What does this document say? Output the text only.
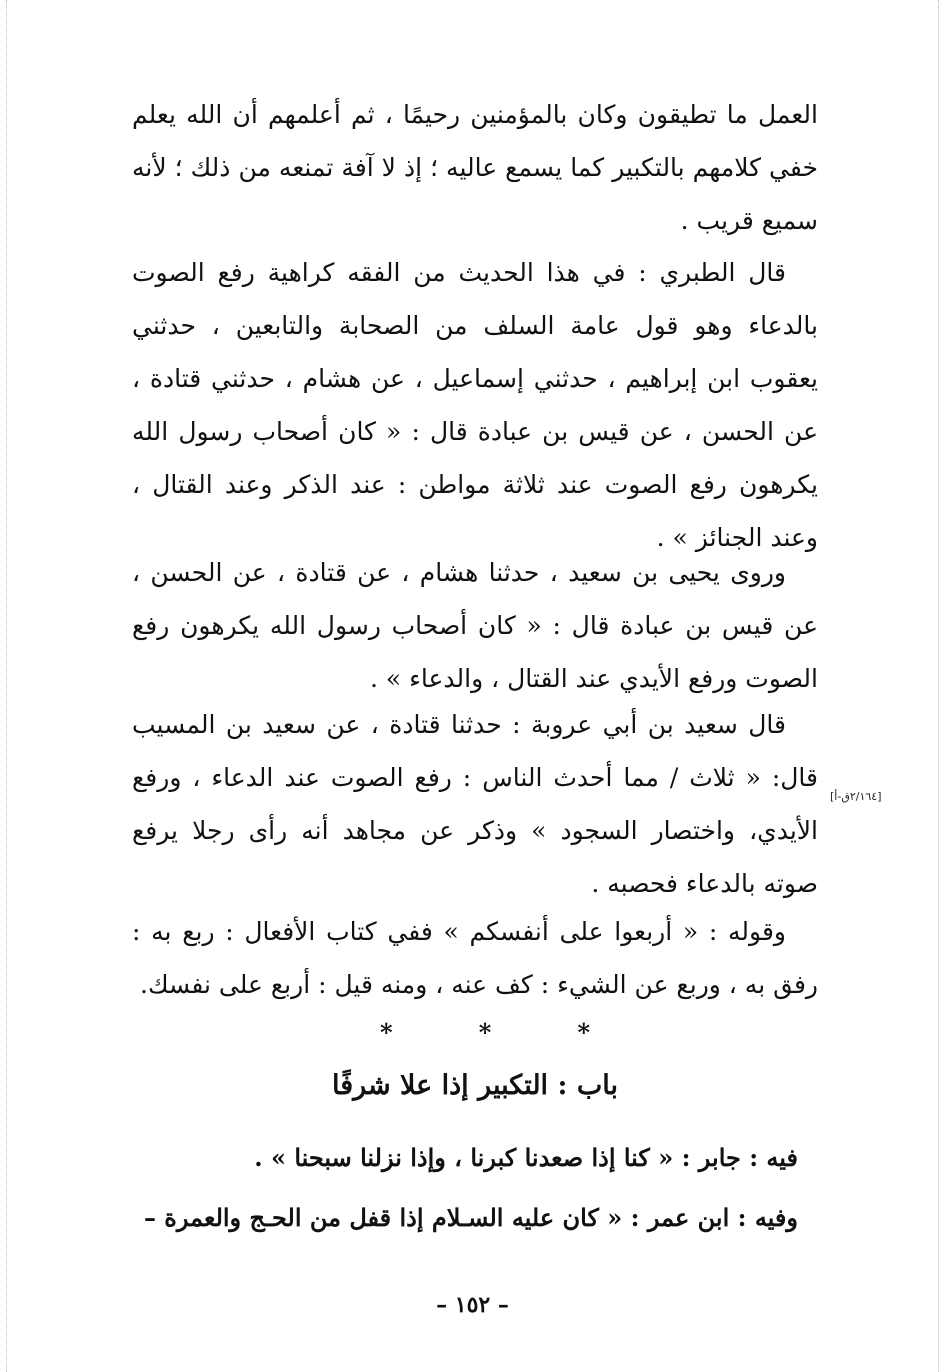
العمل ما تطيقون وكان بالمؤمنين رحيمًا ، ثم أعلمهم أن الله يعلم خفي كلامهم بالتكبير كما يسمع عاليه ؛ إذ لا آفة تمنعه من ذلك ؛ لأنه سميع قريب .

قال الطبري : في هذا الحديث من الفقه كراهية رفع الصوت بالدعاء وهو قول عامة السلف من الصحابة والتابعين ، حدثني يعقوب ابن إبراهيم ، حدثني إسماعيل ، عن هشام ، حدثني قتادة ، عن الحسن ، عن قيس بن عبادة قال : « كان أصحاب رسول الله يكرهون رفع الصوت عند ثلاثة مواطن : عند الذكر وعند القتال ، وعند الجنائز » .

وروى يحيى بن سعيد ، حدثنا هشام ، عن قتادة ، عن الحسن ، عن قيس بن عبادة قال : « كان أصحاب رسول الله يكرهون رفع الصوت ورفع الأيدي عند القتال ، والدعاء » .

قال سعيد بن أبي عروبة : حدثنا قتادة ، عن سعيد بن المسيب قال: « ثلاث / مما أحدث الناس : رفع الصوت عند الدعاء ، ورفع الأيدي، واختصار السجود » وذكر عن مجاهد أنه رأى رجلا يرفع صوته بالدعاء فحصبه .

وقوله : « أربعوا على أنفسكم » ففي كتاب الأفعال : ربع به : رفق به ، وربع عن الشيء : كف عنه ، ومنه قيل : أربع على نفسك.

[٢/١٦٤ق-أ]
*	*	*
باب : التكبير إذا علا شرفًا
فيه : جابر : « كنا إذا صعدنا كبرنا ، وإذا نزلنا سبحنا » .
وفيه : ابن عمر : « كان عليه السـلام إذا قفل من الحـج والعمرة –
– ١٥٢ –
